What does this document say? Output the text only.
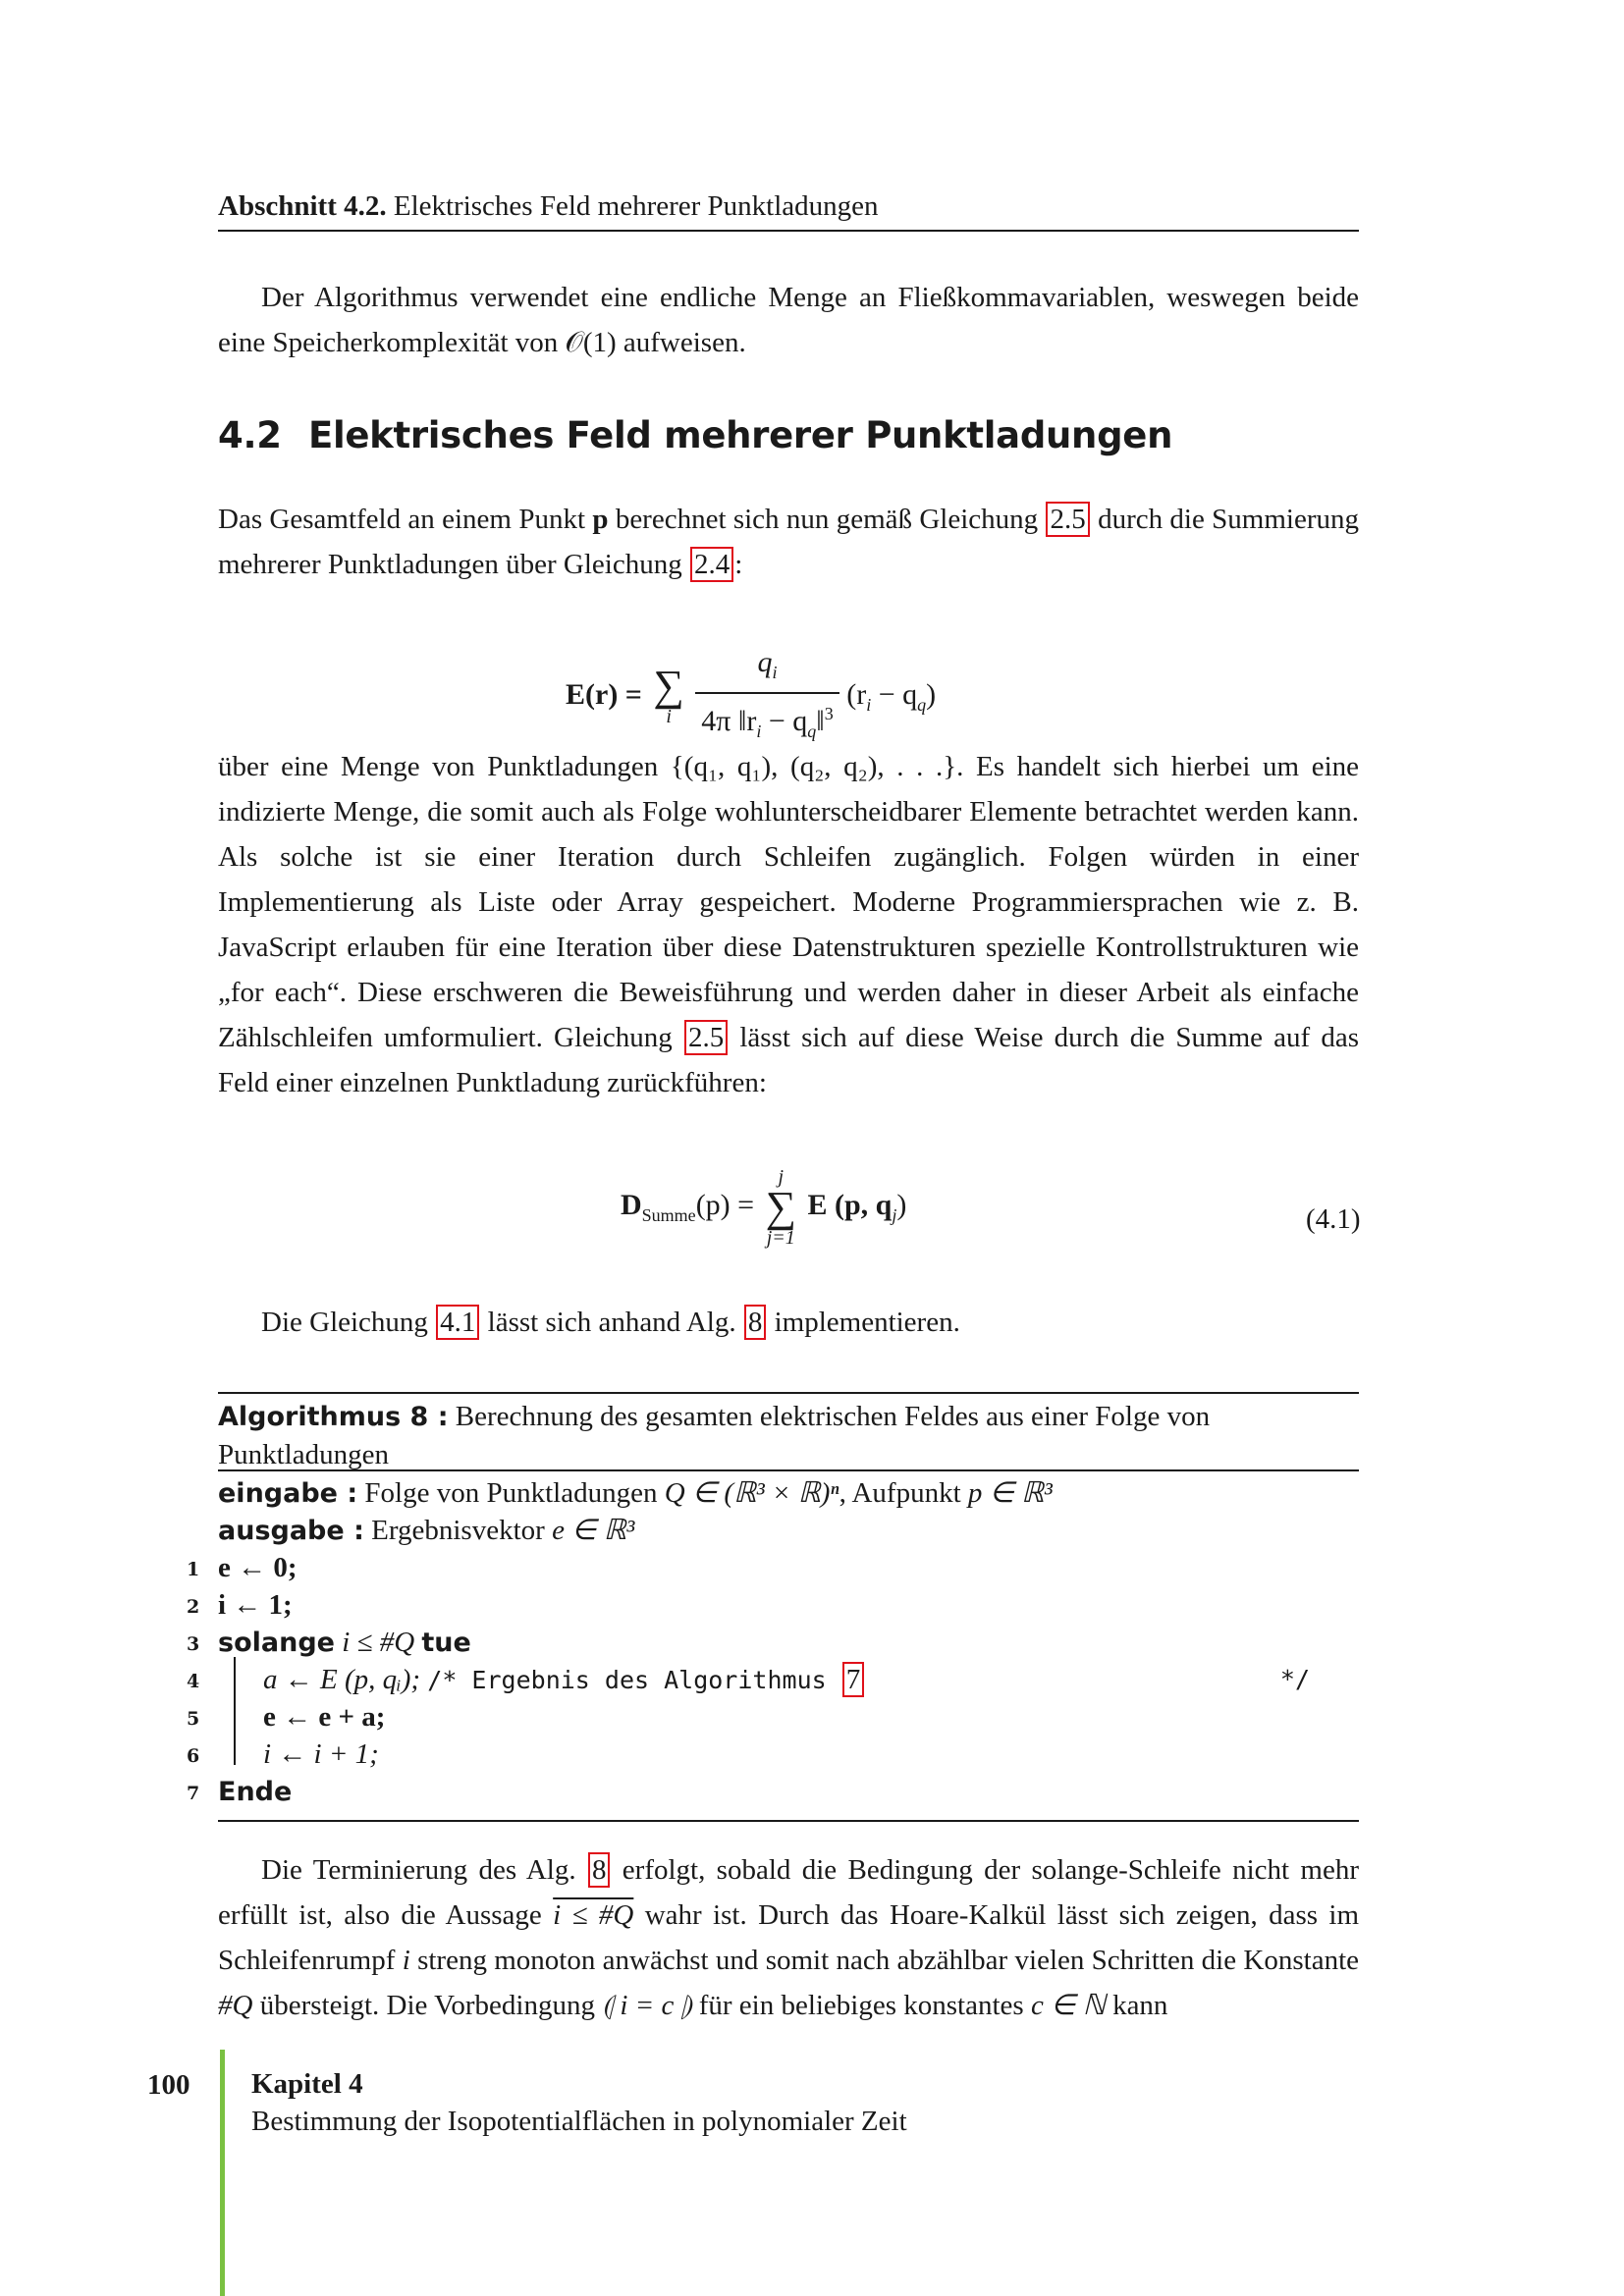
Abschnitt 4.2. Elektrisches Feld mehrerer Punktladungen
Der Algorithmus verwendet eine endliche Menge an Fließkommavariablen, weswegen beide eine Speicherkomplexität von 𝒪(1) aufweisen.
4.2 Elektrisches Feld mehrerer Punktladungen
Das Gesamtfeld an einem Punkt p berechnet sich nun gemäß Gleichung 2.5 durch die Summierung mehrerer Punktladungen über Gleichung 2.4 :
E(r) = ∑
i
$\frac{q_i}{4\pi ‖r_i - q_q‖^3} (r_i - q_q)$
über eine Menge von Punktladungen {(q₁, q₁), (q₂, q₂), . . .}. Es handelt sich hierbei um eine indizierte Menge, die somit auch als Folge wohlunterscheidbarer Elemente betrachtet werden kann. Als solche ist sie einer Iteration durch Schleifen zugänglich. Folgen würden in einer Implementierung als Liste oder Array gespeichert. Moderne Programmiersprachen wie z. B. JavaScript erlauben für eine Iteration über diese Datenstrukturen spezielle Kontrollstrukturen wie „for each“. Diese erschweren die Beweisführung und werden daher in dieser Arbeit als einfache Zählschleifen umformuliert. Gleichung 2.5 lässt sich auf diese Weise durch die Summe auf das Feld einer einzelnen Punktladung zurückführen:
$D_{Summe}(p)$ =
j
∑
j=1
E (p, $q_j$)	(4.1)
Die Gleichung 4.1 lässt sich anhand Alg. 8 implementieren.
Algorithmus 8 : Berechnung des gesamten elektrischen Feldes aus einer Folge von Punktladungen
eingabe : Folge von Punktladungen Q ∈ (ℝ³ × ℝ)ⁿ, Aufpunkt p ∈ ℝ³
ausgabe : Ergebnisvektor e ∈ ℝ³
1 e ← 0;
2 i ← 1;
3 solange i ≤ #Q tue
4 a ← E (p, qᵢ); /* Ergebnis des Algorithmus 7	*/
5 e ← e + a;
6 i ← i + 1;
7 Ende
Die Terminierung des Alg. 8 erfolgt, sobald die Bedingung der solange-Schleife nicht mehr erfüllt ist, also die Aussage i ≤ #Q wahr ist. Durch das Hoare-Kalkül lässt sich zeigen, dass im Schleifenrumpf i streng monoton anwächst und somit nach abzählbar vielen Schritten die Konstante #Q übersteigt. Die Vorbedingung ⦇ i = c ⦈ für ein beliebiges konstantes c ∈ ℕ kann
100 Kapitel 4
Bestimmung der Isopotentialflächen in polynomialer Zeit
